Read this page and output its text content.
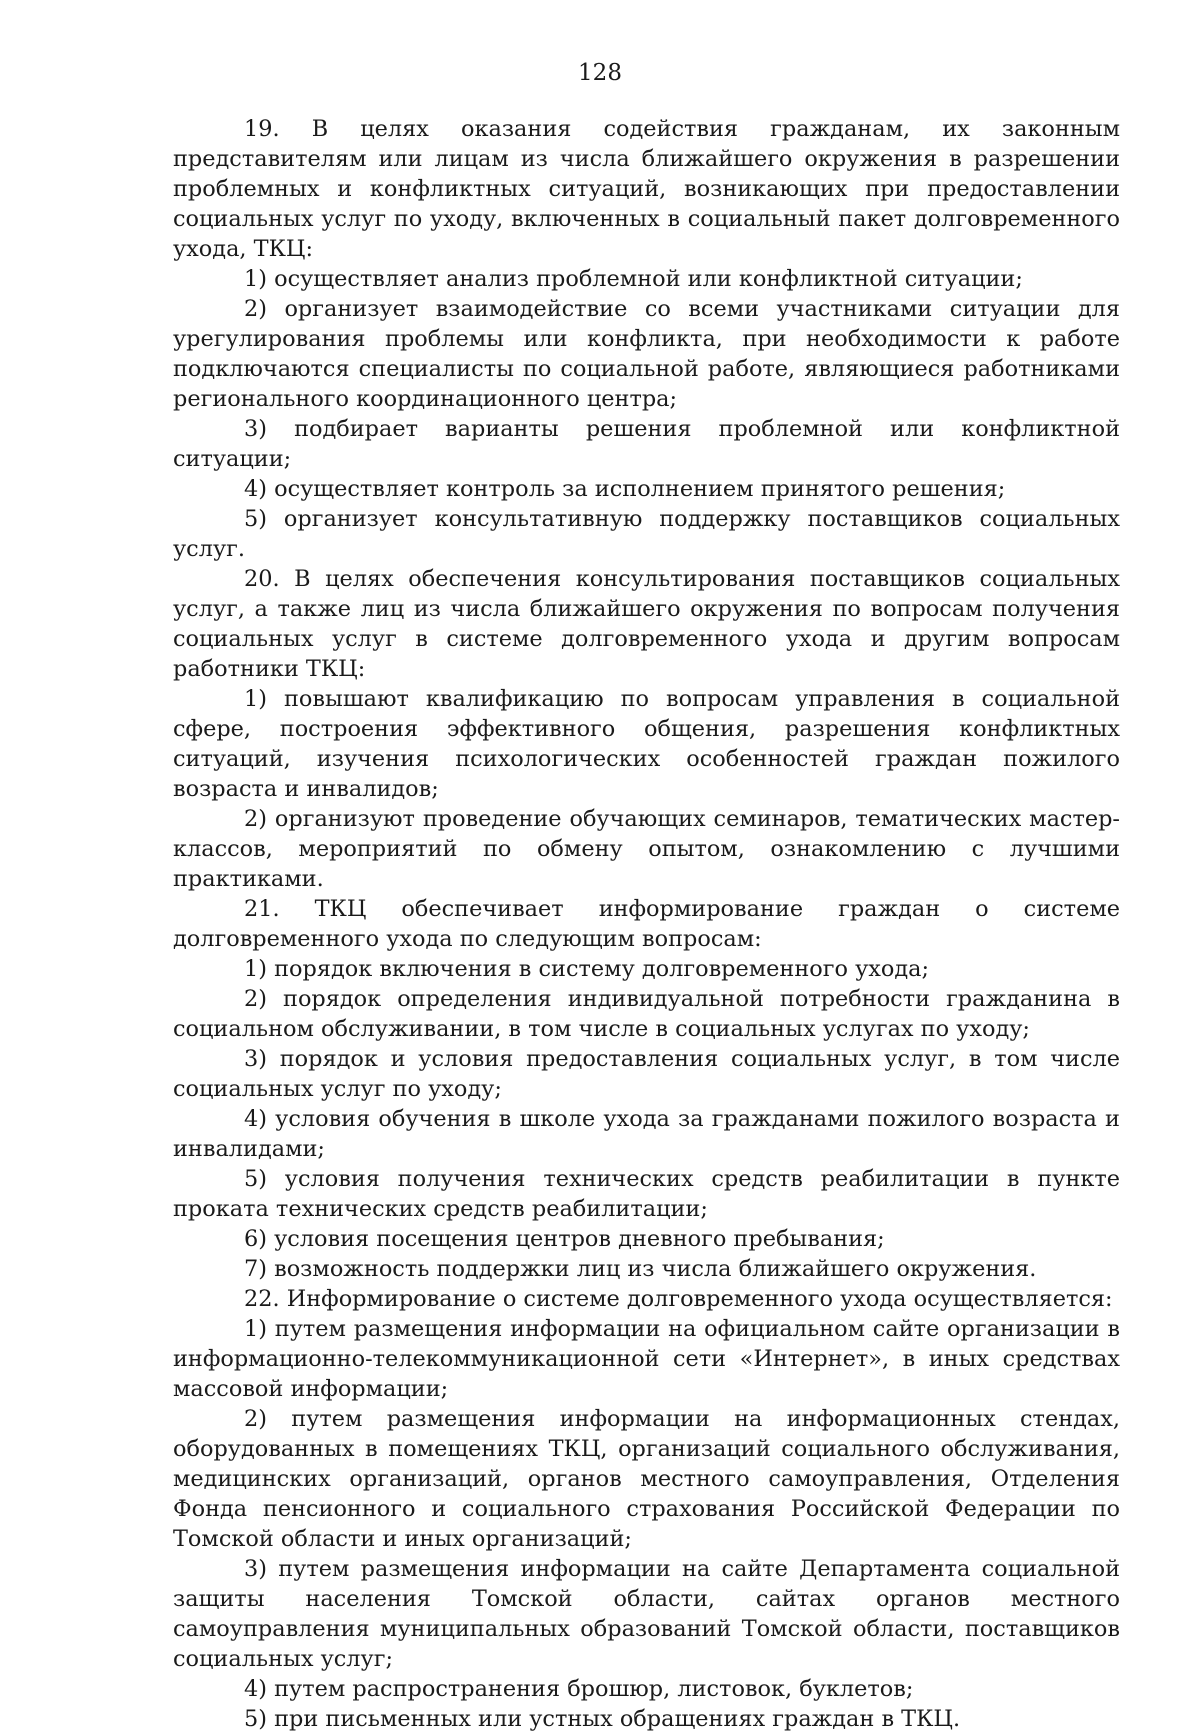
128

19. В целях оказания содействия гражданам, их законным представителям или лицам из числа ближайшего окружения в разрешении проблемных и конфликтных ситуаций, возникающих при предоставлении социальных услуг по уходу, включенных в социальный пакет долговременного ухода, ТКЦ:

1) осуществляет анализ проблемной или конфликтной ситуации;

2) организует взаимодействие со всеми участниками ситуации для урегулирования проблемы или конфликта, при необходимости к работе подключаются специалисты по социальной работе, являющиеся работниками регионального координационного центра;

3) подбирает варианты решения проблемной или конфликтной ситуации;

4) осуществляет контроль за исполнением принятого решения;

5) организует консультативную поддержку поставщиков социальных услуг.

20. В целях обеспечения консультирования поставщиков социальных услуг, а также лиц из числа ближайшего окружения по вопросам получения социальных услуг в системе долговременного ухода и другим вопросам работники ТКЦ:

1) повышают квалификацию по вопросам управления в социальной сфере, построения эффективного общения, разрешения конфликтных ситуаций, изучения психологических особенностей граждан пожилого возраста и инвалидов;

2) организуют проведение обучающих семинаров, тематических мастер-классов, мероприятий по обмену опытом, ознакомлению с лучшими практиками.

21. ТКЦ обеспечивает информирование граждан о системе долговременного ухода по следующим вопросам:

1) порядок включения в систему долговременного ухода;

2) порядок определения индивидуальной потребности гражданина в социальном обслуживании, в том числе в социальных услугах по уходу;

3) порядок и условия предоставления социальных услуг, в том числе социальных услуг по уходу;

4) условия обучения в школе ухода за гражданами пожилого возраста и инвалидами;

5) условия получения технических средств реабилитации в пункте проката технических средств реабилитации;

6) условия посещения центров дневного пребывания;

7) возможность поддержки лиц из числа ближайшего окружения.

22. Информирование о системе долговременного ухода осуществляется:

1) путем размещения информации на официальном сайте организации в информационно-телекоммуникационной сети «Интернет», в иных средствах массовой информации;

2) путем размещения информации на информационных стендах, оборудованных в помещениях ТКЦ, организаций социального обслуживания, медицинских организаций, органов местного самоуправления, Отделения Фонда пенсионного и социального страхования Российской Федерации по Томской области и иных организаций;

3) путем размещения информации на сайте Департамента социальной защиты населения Томской области, сайтах органов местного самоуправления муниципальных образований Томской области, поставщиков социальных услуг;

4) путем распространения брошюр, листовок, буклетов;

5) при письменных или устных обращениях граждан в ТКЦ.
